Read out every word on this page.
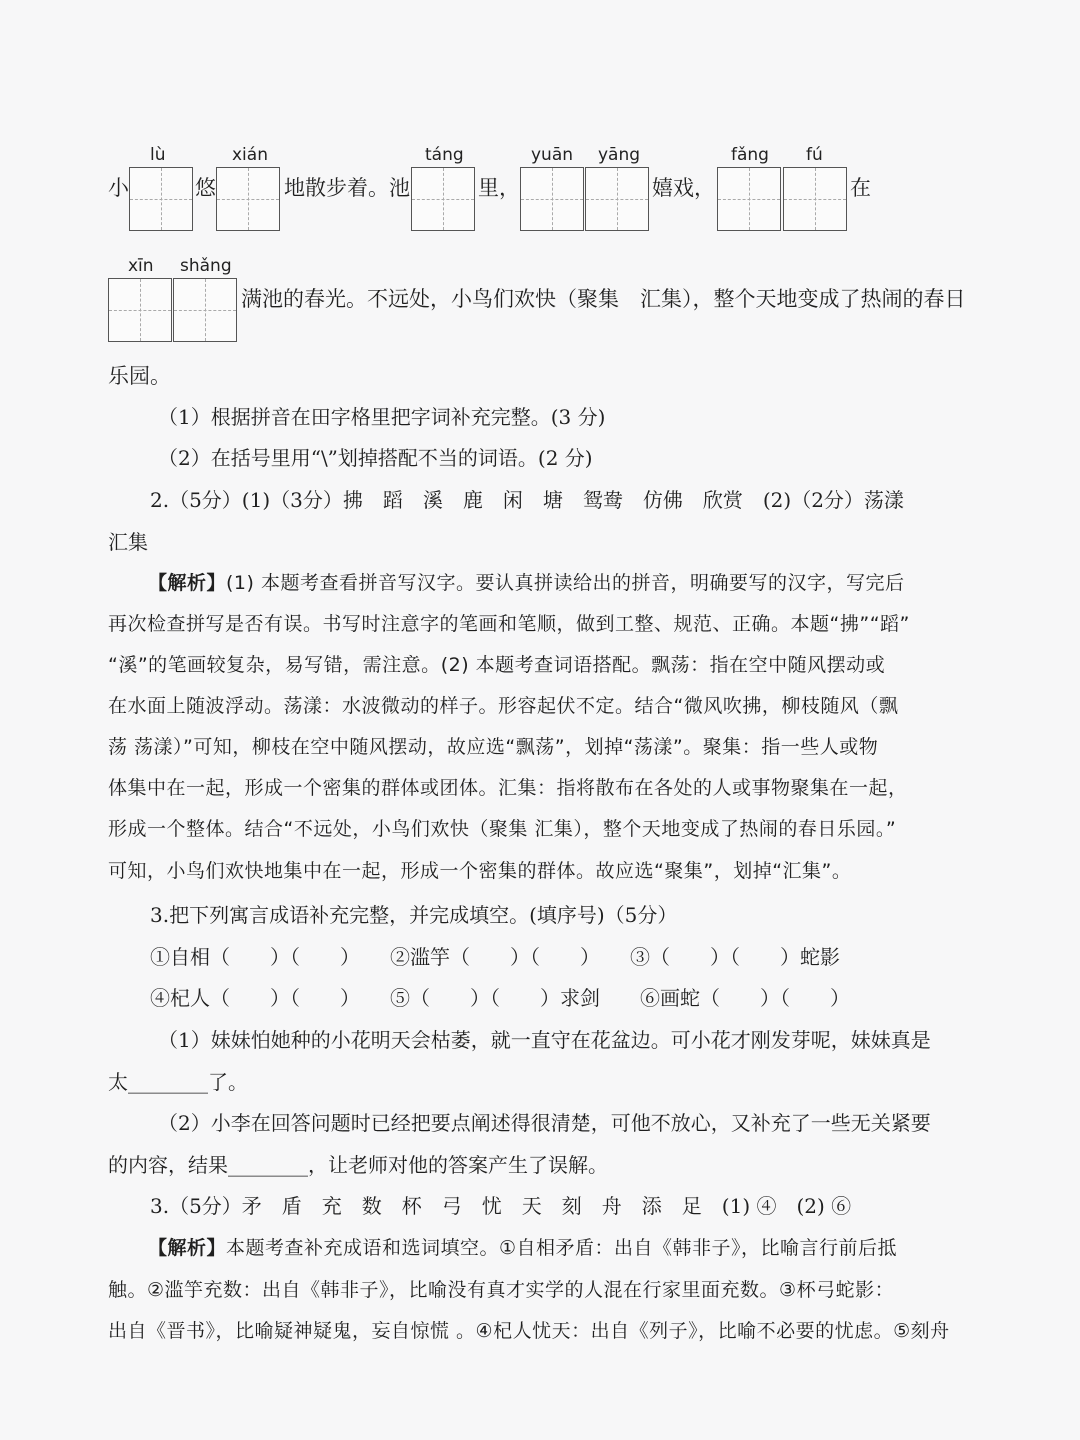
lù	xián	táng	yuān yāng	fǎng fú
小	悠	地散步着。池	里，	嬉戏，	在
xīn shǎng
满池的春光。不远处，小鸟们欢快（聚集　汇集），整个天地变成了热闹的春日
乐园。
（1）根据拼音在田字格里把字词补充完整。(3 分)
（2）在括号里用“\”划掉搭配不当的词语。(2 分)
2.（5分）(1)（3分）拂　蹈　溪　鹿　闲　塘　鸳鸯　仿佛　欣赏　(2)（2分）荡漾
汇集
【解析】(1) 本题考查看拼音写汉字。要认真拼读给出的拼音，明确要写的汉字，写完后
再次检查拼写是否有误。书写时注意字的笔画和笔顺，做到工整、规范、正确。本题“拂”“蹈”
“溪”的笔画较复杂，易写错，需注意。(2) 本题考查词语搭配。飘荡：指在空中随风摆动或
在水面上随波浮动。荡漾：水波微动的样子。形容起伏不定。结合“微风吹拂，柳枝随风（飘
荡 荡漾）”可知，柳枝在空中随风摆动，故应选“飘荡”，划掉“荡漾”。聚集：指一些人或物
体集中在一起，形成一个密集的群体或团体。汇集：指将散布在各处的人或事物聚集在一起，
形成一个整体。结合“不远处，小鸟们欢快（聚集 汇集），整个天地变成了热闹的春日乐园。”
可知，小鸟们欢快地集中在一起，形成一个密集的群体。故应选“聚集”，划掉“汇集”。
3.把下列寓言成语补充完整，并完成填空。(填序号)（5分）
①自相（　　）（　　）　　②滥竽（　　）（　　）　　③（　　）（　　）蛇影
④杞人（　　）（　　）　　⑤（　　）（　　）求剑　　⑥画蛇（　　）（　　）
（1）妹妹怕她种的小花明天会枯萎，就一直守在花盆边。可小花才刚发芽呢，妹妹真是
太________了。
（2）小李在回答问题时已经把要点阐述得很清楚，可他不放心，又补充了一些无关紧要
的内容，结果________，让老师对他的答案产生了误解。
3.（5分）矛　盾　充　数　杯　弓　忧　天　刻　舟　添　足　(1) ④　(2) ⑥
【解析】本题考查补充成语和选词填空。①自相矛盾：出自《韩非子》，比喻言行前后抵
触。②滥竽充数：出自《韩非子》，比喻没有真才实学的人混在行家里面充数。③杯弓蛇影：
出自《晋书》，比喻疑神疑鬼，妄自惊慌 。④杞人忧天：出自《列子》，比喻不必要的忧虑。⑤刻舟
